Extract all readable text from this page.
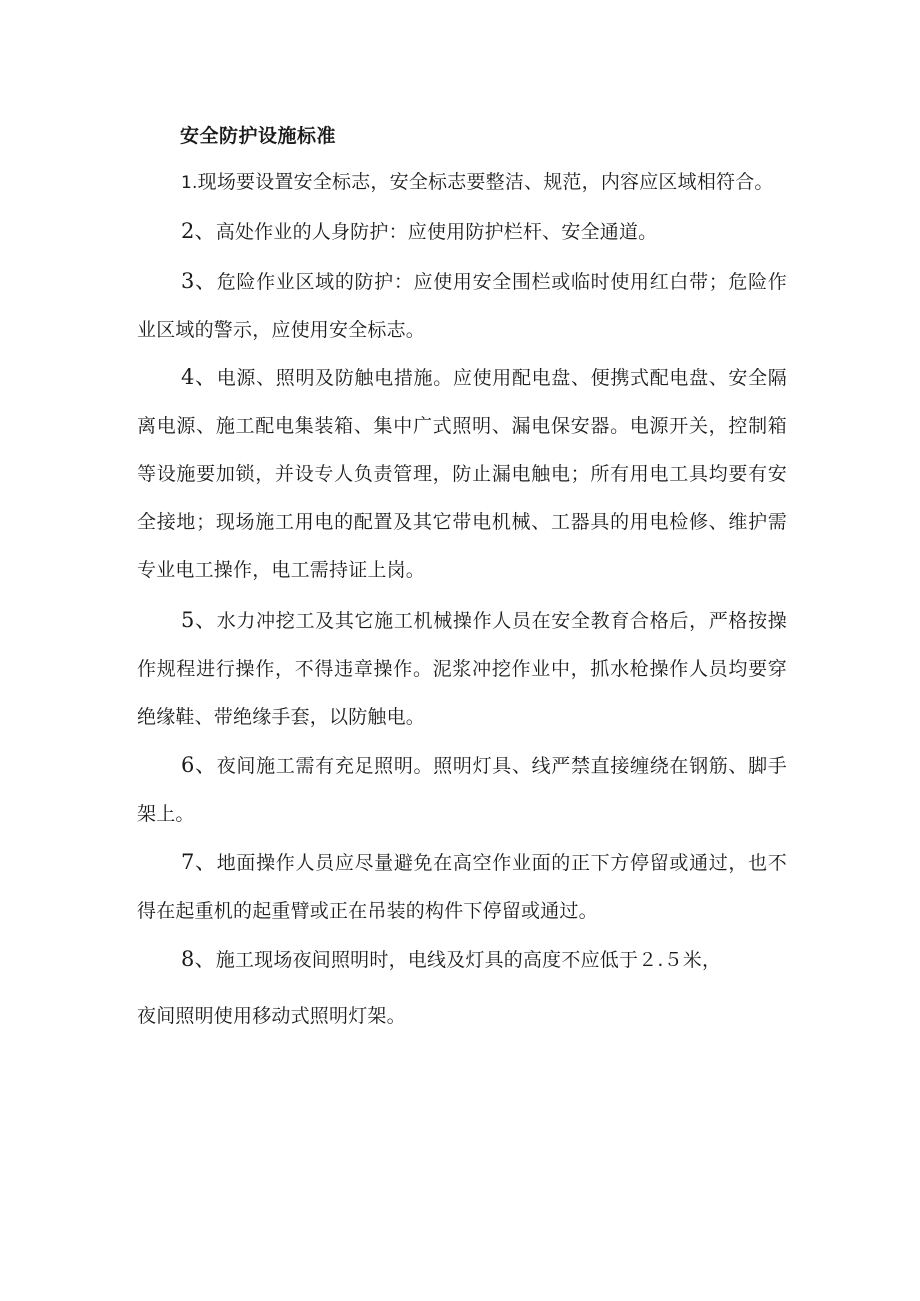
安全防护设施标准

1.现场要设置安全标志，安全标志要整洁、规范，内容应区域相符合。

2、高处作业的人身防护：应使用防护栏杆、安全通道。

3、危险作业区域的防护：应使用安全围栏或临时使用红白带；危险作业区域的警示，应使用安全标志。

4、电源、照明及防触电措施。应使用配电盘、便携式配电盘、安全隔离电源、施工配电集装箱、集中广式照明、漏电保安器。电源开关，控制箱等设施要加锁，并设专人负责管理，防止漏电触电；所有用电工具均要有安全接地；现场施工用电的配置及其它带电机械、工器具的用电检修、维护需专业电工操作，电工需持证上岗。

5、水力冲挖工及其它施工机械操作人员在安全教育合格后，严格按操作规程进行操作，不得违章操作。泥浆冲挖作业中，抓水枪操作人员均要穿绝缘鞋、带绝缘手套，以防触电。

6、夜间施工需有充足照明。照明灯具、线严禁直接缠绕在钢筋、脚手架上。

7、地面操作人员应尽量避免在高空作业面的正下方停留或通过，也不得在起重机的起重臂或正在吊装的构件下停留或通过。

8、施工现场夜间照明时，电线及灯具的高度不应低于２.５米，
夜间照明使用移动式照明灯架。
